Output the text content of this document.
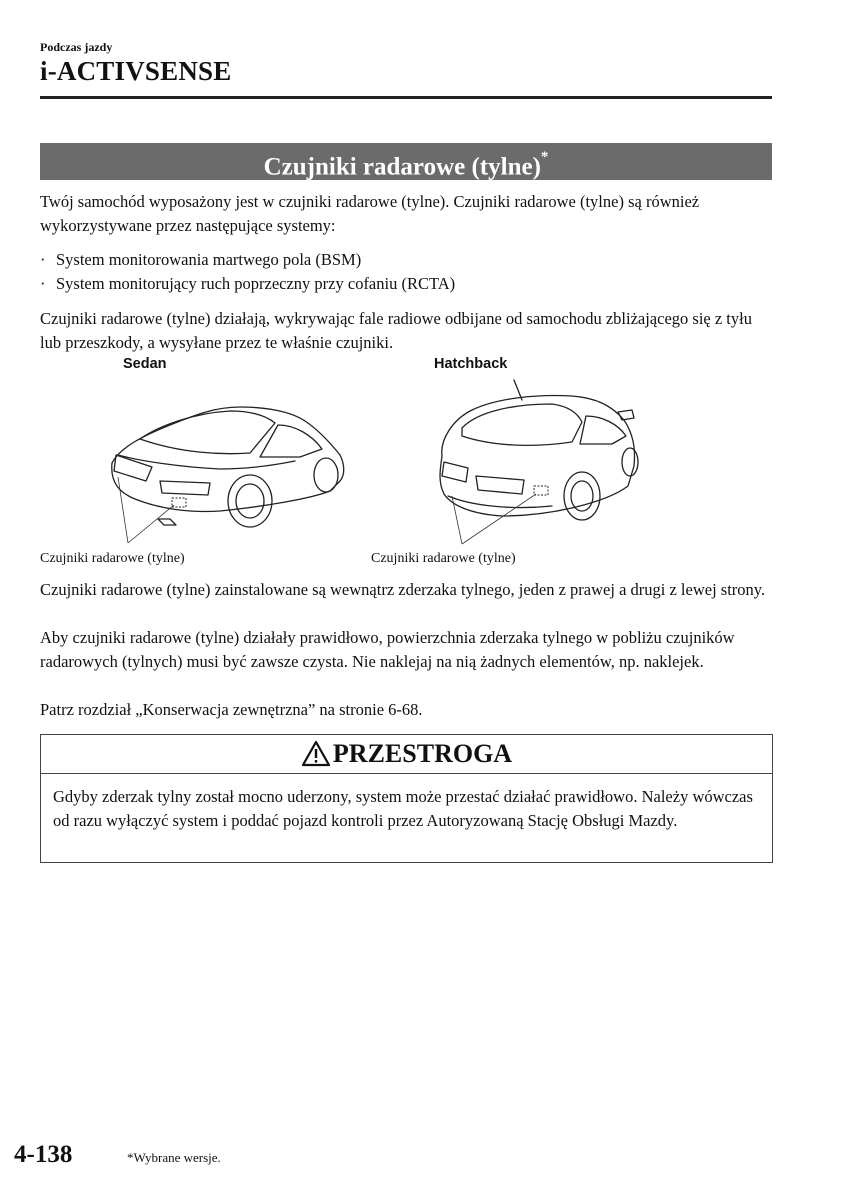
Podczas jazdy
i-ACTIVSENSE
Czujniki radarowe (tylne)*
Twój samochód wyposażony jest w czujniki radarowe (tylne). Czujniki radarowe (tylne) są również wykorzystywane przez następujące systemy:
· System monitorowania martwego pola (BSM)
· System monitorujący ruch poprzeczny przy cofaniu (RCTA)
Czujniki radarowe (tylne) działają, wykrywając fale radiowe odbijane od samochodu zbliżającego się z tyłu lub przeszkody, a wysyłane przez te właśnie czujniki.
Sedan
Czujniki radarowe (tylne)
Hatchback
Czujniki radarowe (tylne)
Czujniki radarowe (tylne) zainstalowane są wewnątrz zderzaka tylnego, jeden z prawej a drugi z lewej strony.
Aby czujniki radarowe (tylne) działały prawidłowo, powierzchnia zderzaka tylnego w pobliżu czujników radarowych (tylnych) musi być zawsze czysta. Nie naklejaj na nią żadnych elementów, np. naklejek.
Patrz rozdział „Konserwacja zewnętrzna” na stronie 6-68.
PRZESTROGA
Gdyby zderzak tylny został mocno uderzony, system może przestać działać prawidłowo. Należy wówczas od razu wyłączyć system i poddać pojazd kontroli przez Autoryzowaną Stację Obsługi Mazdy.
4-138	*Wybrane wersje.
